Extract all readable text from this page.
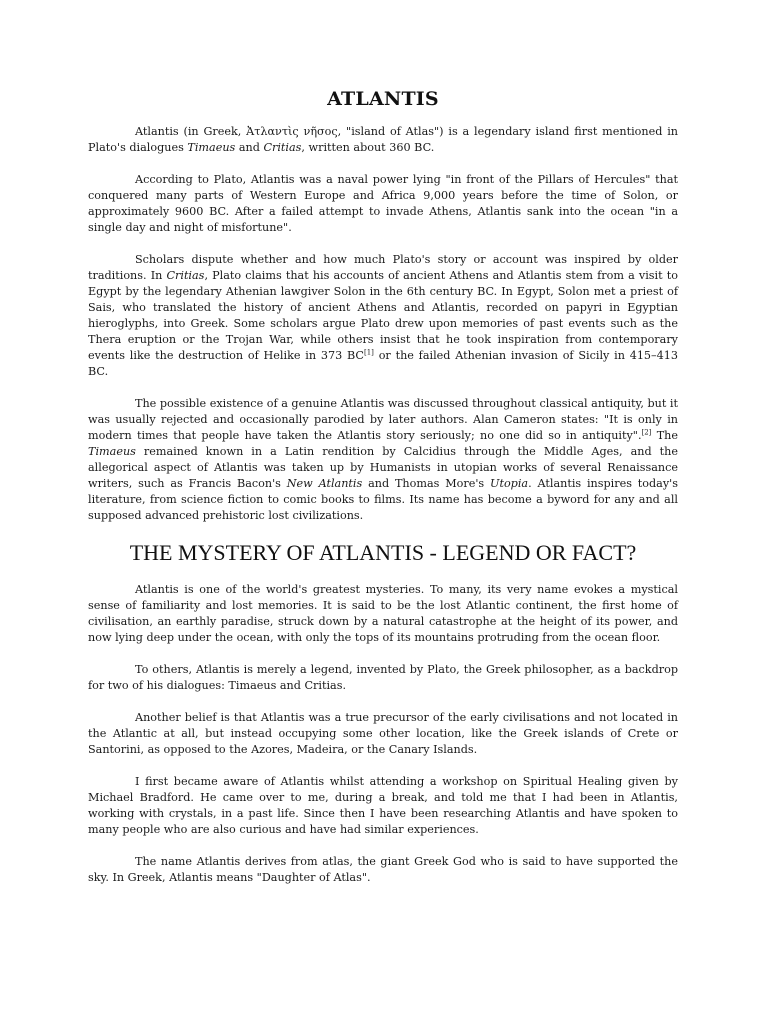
ATLANTIS

Atlantis (in Greek, Ἀτλαντὶς νῆσος, "island of Atlas") is a legendary island first mentioned in Plato's dialogues Timaeus and Critias, written about 360 BC.

According to Plato, Atlantis was a naval power lying "in front of the Pillars of Hercules" that conquered many parts of Western Europe and Africa 9,000 years before the time of Solon, or approximately 9600 BC. After a failed attempt to invade Athens, Atlantis sank into the ocean "in a single day and night of misfortune".

Scholars dispute whether and how much Plato's story or account was inspired by older traditions. In Critias, Plato claims that his accounts of ancient Athens and Atlantis stem from a visit to Egypt by the legendary Athenian lawgiver Solon in the 6th century BC. In Egypt, Solon met a priest of Sais, who translated the history of ancient Athens and Atlantis, recorded on papyri in Egyptian hieroglyphs, into Greek. Some scholars argue Plato drew upon memories of past events such as the Thera eruption or the Trojan War, while others insist that he took inspiration from contemporary events like the destruction of Helike in 373 BC[1] or the failed Athenian invasion of Sicily in 415–413 BC.

The possible existence of a genuine Atlantis was discussed throughout classical antiquity, but it was usually rejected and occasionally parodied by later authors. Alan Cameron states: "It is only in modern times that people have taken the Atlantis story seriously; no one did so in antiquity".[2] The Timaeus remained known in a Latin rendition by Calcidius through the Middle Ages, and the allegorical aspect of Atlantis was taken up by Humanists in utopian works of several Renaissance writers, such as Francis Bacon's New Atlantis and Thomas More's Utopia. Atlantis inspires today's literature, from science fiction to comic books to films. Its name has become a byword for any and all supposed advanced prehistoric lost civilizations.

THE MYSTERY OF ATLANTIS - LEGEND OR FACT?

Atlantis is one of the world's greatest mysteries. To many, its very name evokes a mystical sense of familiarity and lost memories. It is said to be the lost Atlantic continent, the first home of civilisation, an earthly paradise, struck down by a natural catastrophe at the height of its power, and now lying deep under the ocean, with only the tops of its mountains protruding from the ocean floor.

To others, Atlantis is merely a legend, invented by Plato, the Greek philosopher, as a backdrop for two of his dialogues: Timaeus and Critias.

Another belief is that Atlantis was a true precursor of the early civilisations and not located in the Atlantic at all, but instead occupying some other location, like the Greek islands of Crete or Santorini, as opposed to the Azores, Madeira, or the Canary Islands.

I first became aware of Atlantis whilst attending a workshop on Spiritual Healing given by Michael Bradford. He came over to me, during a break, and told me that I had been in Atlantis, working with crystals, in a past life. Since then I have been researching Atlantis and have spoken to many people who are also curious and have had similar experiences.

The name Atlantis derives from atlas, the giant Greek God who is said to have supported the sky. In Greek, Atlantis means "Daughter of Atlas".
